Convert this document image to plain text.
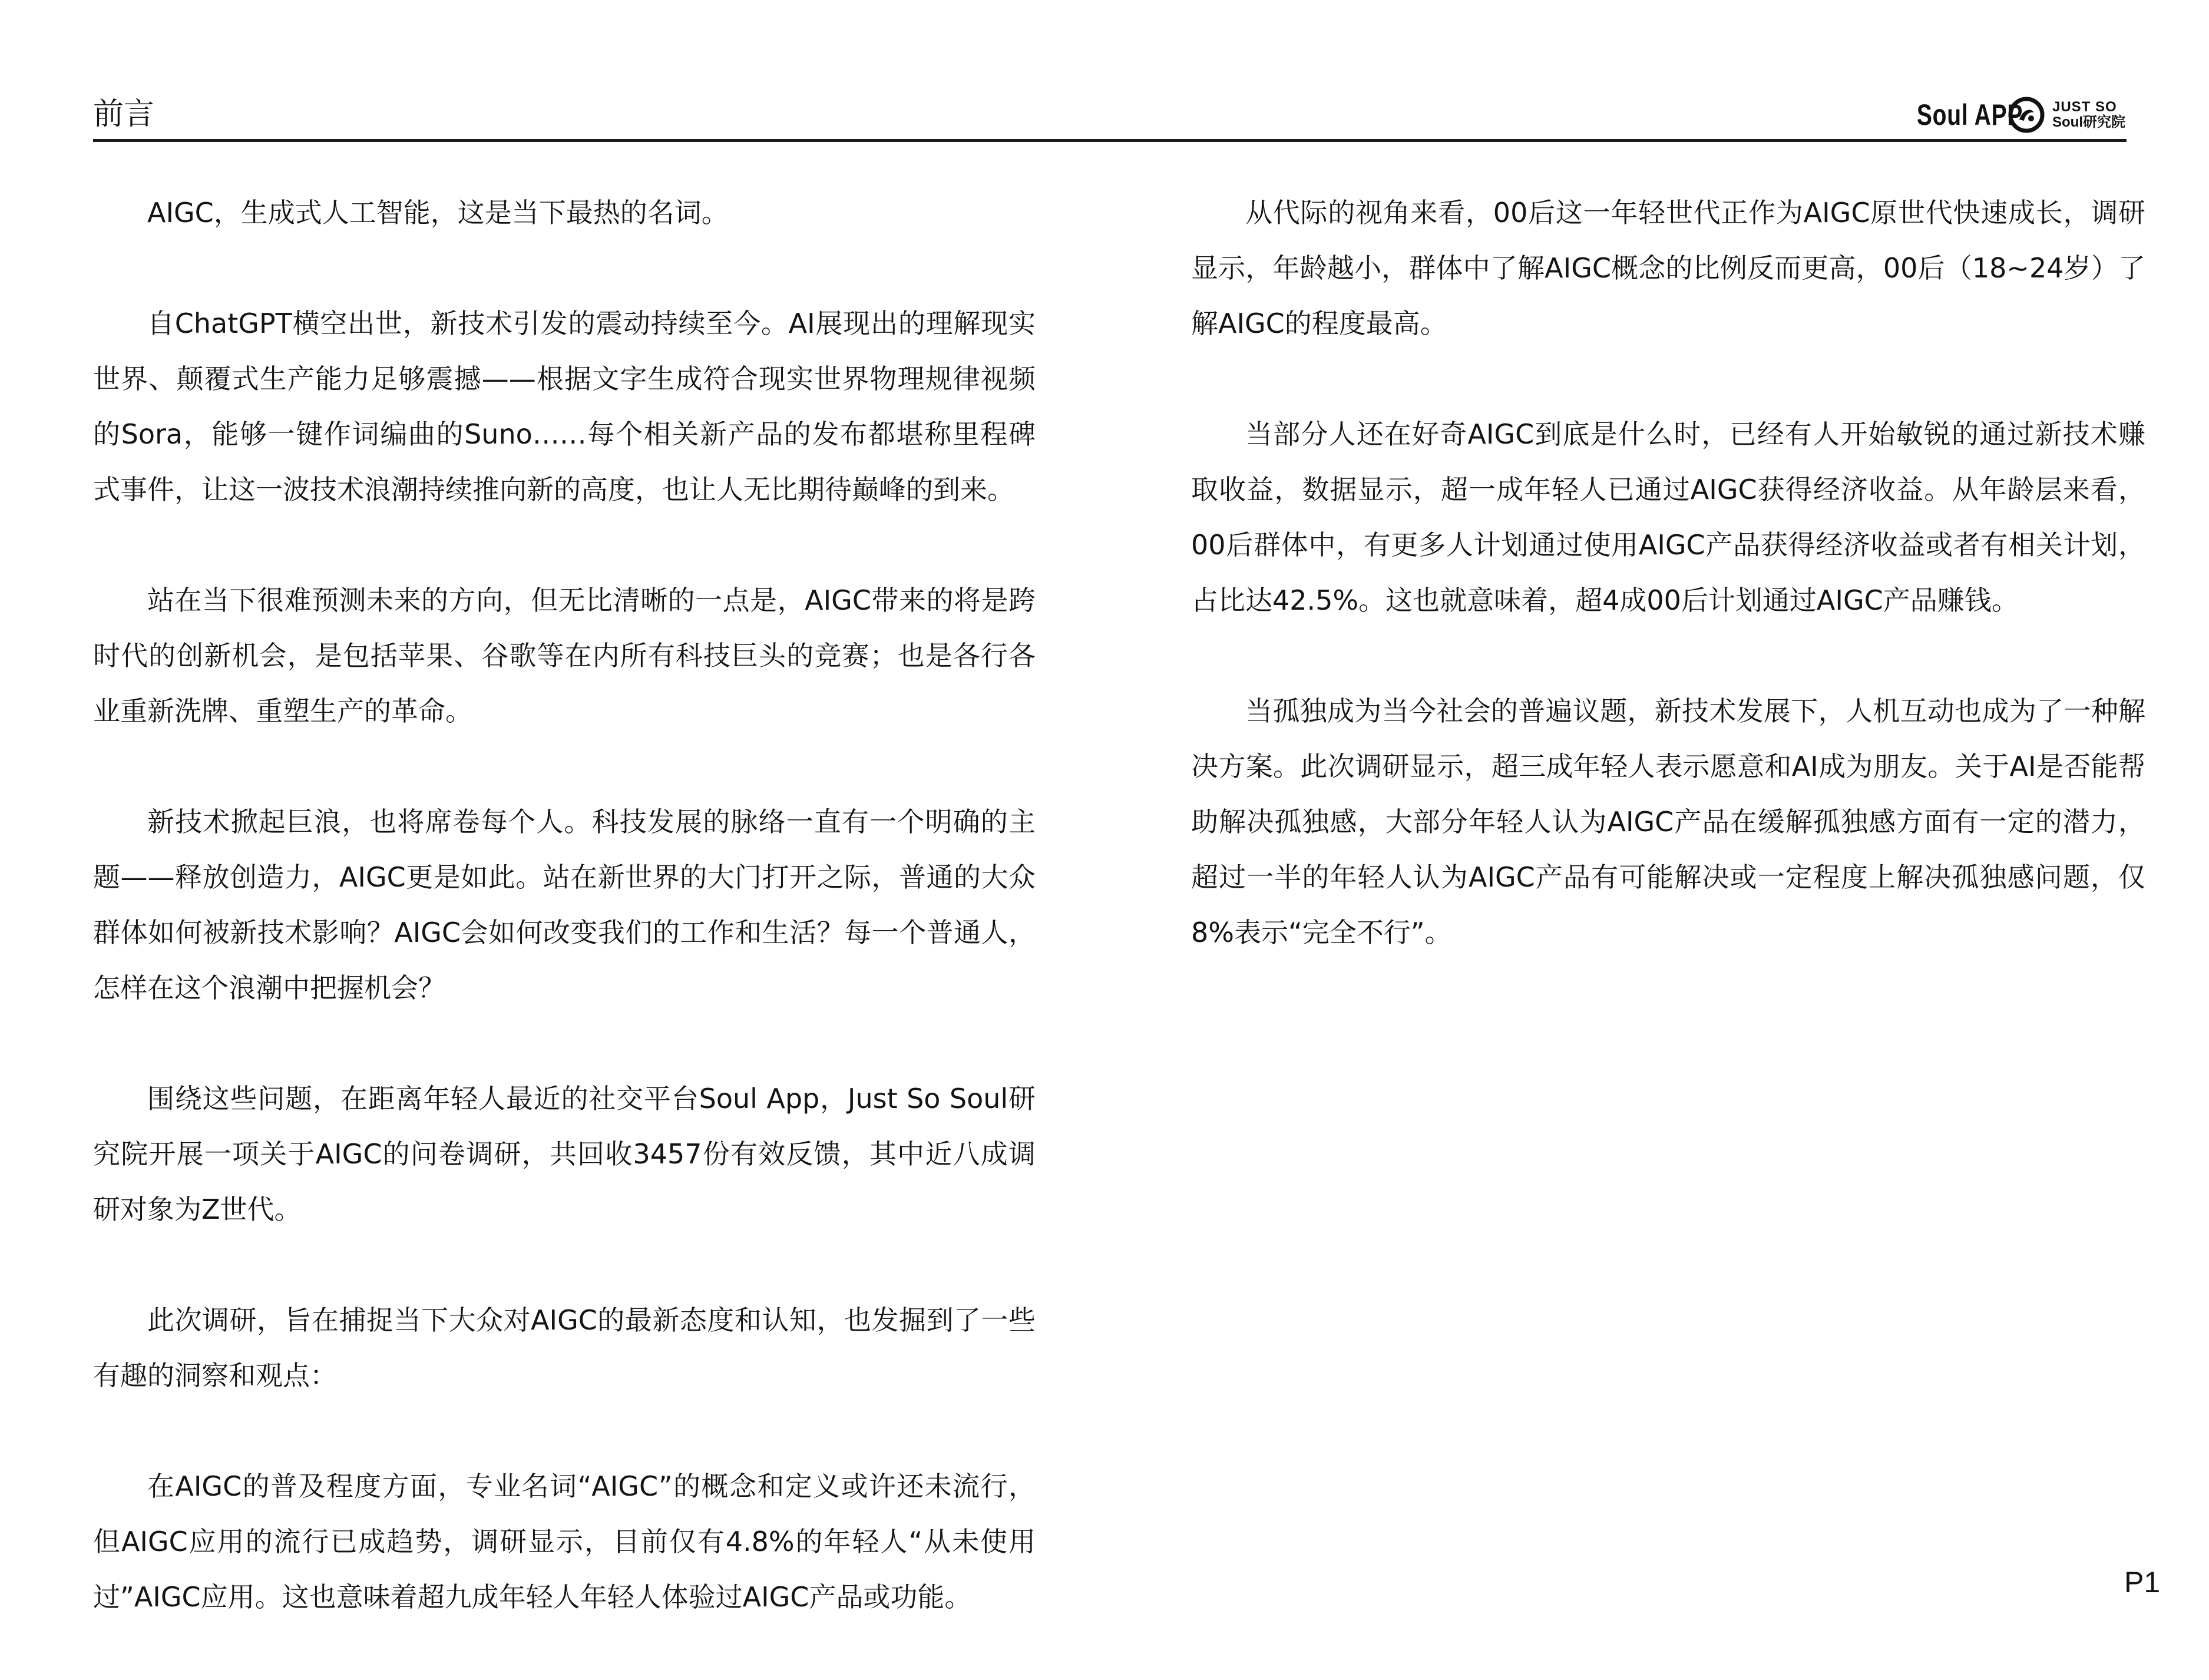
前言	Soul APP JUST SO
Soul研究院

AIGC，生成式人工智能，这是当下最热的名词。

自ChatGPT横空出世，新技术引发的震动持续至今。AI展现出的理解现实世界、颠覆式生产能力足够震撼——根据文字生成符合现实世界物理规律视频的Sora，能够一键作词编曲的Suno……每个相关新产品的发布都堪称里程碑式事件，让这一波技术浪潮持续推向新的高度，也让人无比期待巅峰的到来。

站在当下很难预测未来的方向，但无比清晰的一点是，AIGC带来的将是跨时代的创新机会，是包括苹果、谷歌等在内所有科技巨头的竞赛；也是各行各业重新洗牌、重塑生产的革命。

新技术掀起巨浪，也将席卷每个人。科技发展的脉络一直有一个明确的主题——释放创造力，AIGC更是如此。站在新世界的大门打开之际，普通的大众群体如何被新技术影响？AIGC会如何改变我们的工作和生活？每一个普通人，怎样在这个浪潮中把握机会？

围绕这些问题，在距离年轻人最近的社交平台Soul App，Just So Soul研究院开展一项关于AIGC的问卷调研，共回收3457份有效反馈，其中近八成调研对象为Z世代。

此次调研，旨在捕捉当下大众对AIGC的最新态度和认知，也发掘到了一些有趣的洞察和观点：

在AIGC的普及程度方面，专业名词“AIGC”的概念和定义或许还未流行，但AIGC应用的流行已成趋势，调研显示，目前仅有4.8%的年轻人“从未使用过”AIGC应用。这也意味着超九成年轻人年轻人体验过AIGC产品或功能。

从代际的视角来看，00后这一年轻世代正作为AIGC原世代快速成长，调研显示，年龄越小，群体中了解AIGC概念的比例反而更高，00后（18~24岁）了解AIGC的程度最高。

当部分人还在好奇AIGC到底是什么时，已经有人开始敏锐的通过新技术赚取收益，数据显示，超一成年轻人已通过AIGC获得经济收益。从年龄层来看，00后群体中，有更多人计划通过使用AIGC产品获得经济收益或者有相关计划，占比达42.5%。这也就意味着，超4成00后计划通过AIGC产品赚钱。

当孤独成为当今社会的普遍议题，新技术发展下，人机互动也成为了一种解决方案。此次调研显示，超三成年轻人表示愿意和AI成为朋友。关于AI是否能帮助解决孤独感，大部分年轻人认为AIGC产品在缓解孤独感方面有一定的潜力，超过一半的年轻人认为AIGC产品有可能解决或一定程度上解决孤独感问题，仅8%表示“完全不行”。

P1
